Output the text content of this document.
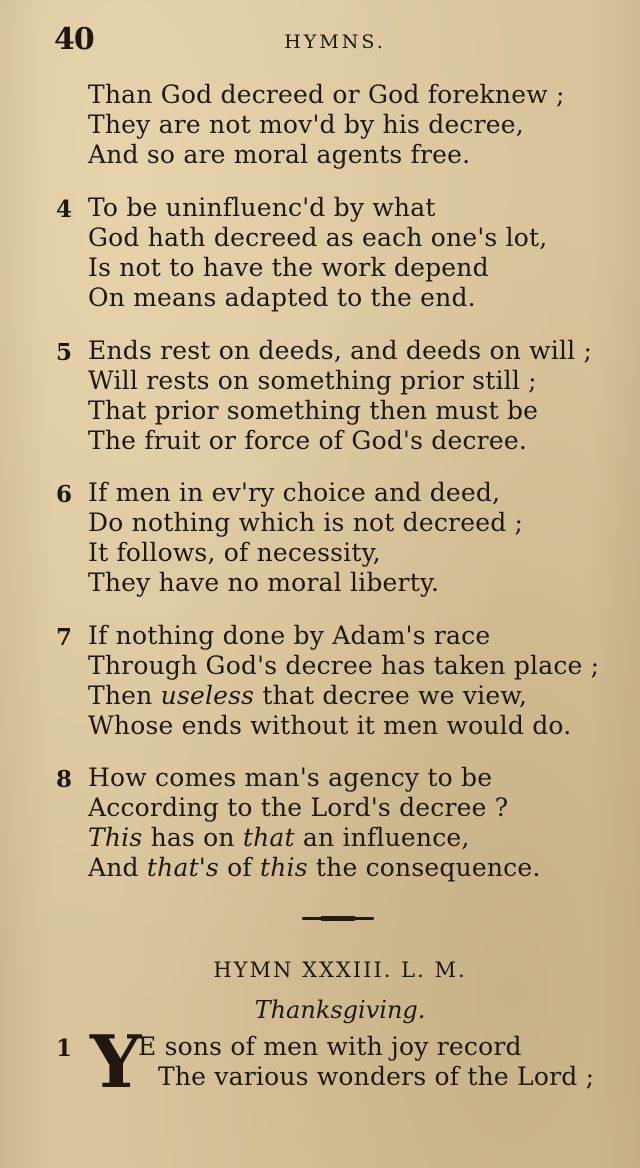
40	HYMNS.
Than God decreed or God foreknew ;
They are not mov'd by his decree,
And so are moral agents free.
4 To be uninfluenc'd by what
God hath decreed as each one's lot,
Is not to have the work depend
On means adapted to the end.
5 Ends rest on deeds, and deeds on will ;
Will rests on something prior still ;
That prior something then must be
The fruit or force of God's decree.
6 If men in ev'ry choice and deed,
Do nothing which is not decreed ;
It follows, of necessity,
They have no moral liberty.
7 If nothing done by Adam's race
Through God's decree has taken place ;
Then useless that decree we view,
Whose ends without it men would do.
8 How comes man's agency to be
According to the Lord's decree ?
This has on that an influence,
And that's of this the consequence.
HYMN XXXIII. L. M.
Thanksgiving.
1 Y
E sons of men with joy record
The various wonders of the Lord ;
